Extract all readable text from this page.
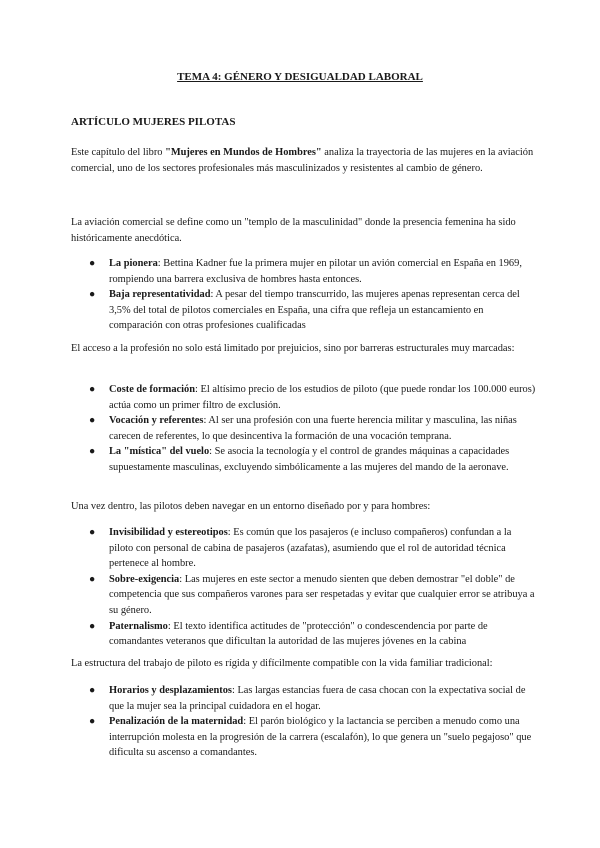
TEMA 4: GÉNERO Y DESIGUALDAD LABORAL
ARTÍCULO MUJERES PILOTAS

Este capítulo del libro "Mujeres en Mundos de Hombres" analiza la trayectoria de las mujeres en la aviación comercial, uno de los sectores profesionales más masculinizados y resistentes al cambio de género.

La aviación comercial se define como un "templo de la masculinidad" donde la presencia femenina ha sido históricamente anecdótica.

● La pionera: Bettina Kadner fue la primera mujer en pilotar un avión comercial en España en 1969, rompiendo una barrera exclusiva de hombres hasta entonces.
● Baja representatividad: A pesar del tiempo transcurrido, las mujeres apenas representan cerca del 3,5% del total de pilotos comerciales en España, una cifra que refleja un estancamiento en comparación con otras profesiones cualificadas

El acceso a la profesión no solo está limitado por prejuicios, sino por barreras estructurales muy marcadas:

● Coste de formación: El altísimo precio de los estudios de piloto (que puede rondar los 100.000 euros) actúa como un primer filtro de exclusión.
● Vocación y referentes: Al ser una profesión con una fuerte herencia militar y masculina, las niñas carecen de referentes, lo que desincentiva la formación de una vocación temprana.
● La "mística" del vuelo: Se asocia la tecnología y el control de grandes máquinas a capacidades supuestamente masculinas, excluyendo simbólicamente a las mujeres del mando de la aeronave.

Una vez dentro, las pilotos deben navegar en un entorno diseñado por y para hombres:

● Invisibilidad y estereotipos: Es común que los pasajeros (e incluso compañeros) confundan a la piloto con personal de cabina de pasajeros (azafatas), asumiendo que el rol de autoridad técnica pertenece al hombre.
● Sobre-exigencia: Las mujeres en este sector a menudo sienten que deben demostrar "el doble" de competencia que sus compañeros varones para ser respetadas y evitar que cualquier error se atribuya a su género.
● Paternalismo: El texto identifica actitudes de "protección" o condescendencia por parte de comandantes veteranos que dificultan la autoridad de las mujeres jóvenes en la cabina

La estructura del trabajo de piloto es rígida y difícilmente compatible con la vida familiar tradicional:

● Horarios y desplazamientos: Las largas estancias fuera de casa chocan con la expectativa social de que la mujer sea la principal cuidadora en el hogar.
● Penalización de la maternidad: El parón biológico y la lactancia se perciben a menudo como una interrupción molesta en la progresión de la carrera (escalafón), lo que genera un "suelo pegajoso" que dificulta su ascenso a comandantes.
